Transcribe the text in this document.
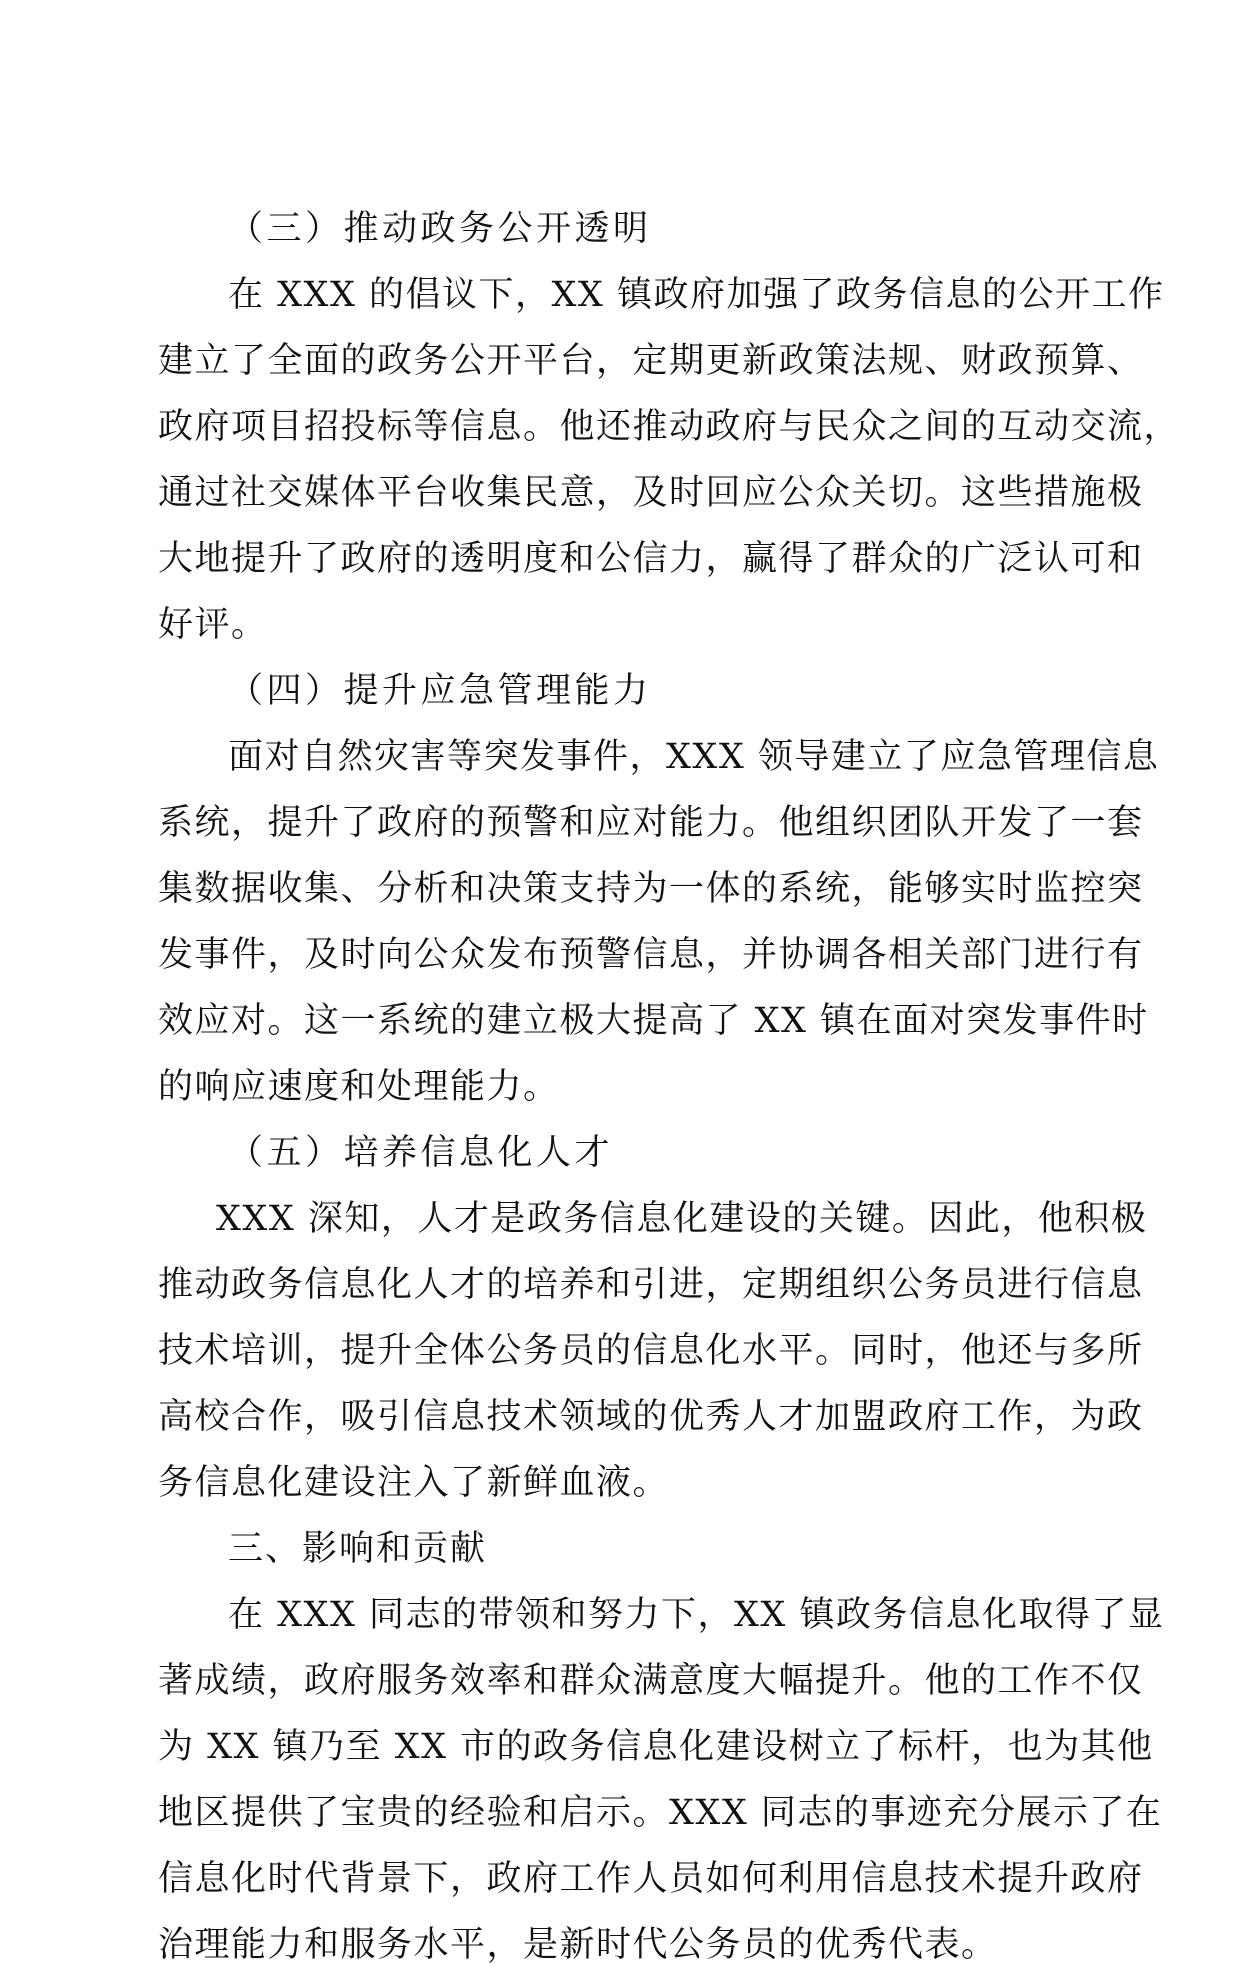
（三）推动政务公开透明
在 XXX 的倡议下，XX 镇政府加强了政务信息的公开工作
建立了全面的政务公开平台，定期更新政策法规、财政预算、
政府项目招投标等信息。他还推动政府与民众之间的互动交流，
通过社交媒体平台收集民意，及时回应公众关切。这些措施极
大地提升了政府的透明度和公信力，赢得了群众的广泛认可和
好评。
（四）提升应急管理能力
面对自然灾害等突发事件，XXX 领导建立了应急管理信息
系统，提升了政府的预警和应对能力。他组织团队开发了一套
集数据收集、分析和决策支持为一体的系统，能够实时监控突
发事件，及时向公众发布预警信息，并协调各相关部门进行有
效应对。这一系统的建立极大提高了 XX 镇在面对突发事件时
的响应速度和处理能力。
（五）培养信息化人才
XXX 深知，人才是政务信息化建设的关键。因此，他积极
推动政务信息化人才的培养和引进，定期组织公务员进行信息
技术培训，提升全体公务员的信息化水平。同时，他还与多所
高校合作，吸引信息技术领域的优秀人才加盟政府工作，为政
务信息化建设注入了新鲜血液。
三、影响和贡献
在 XXX 同志的带领和努力下，XX 镇政务信息化取得了显
著成绩，政府服务效率和群众满意度大幅提升。他的工作不仅
为 XX 镇乃至 XX 市的政务信息化建设树立了标杆，也为其他
地区提供了宝贵的经验和启示。XXX 同志的事迹充分展示了在
信息化时代背景下，政府工作人员如何利用信息技术提升政府
治理能力和服务水平，是新时代公务员的优秀代表。
